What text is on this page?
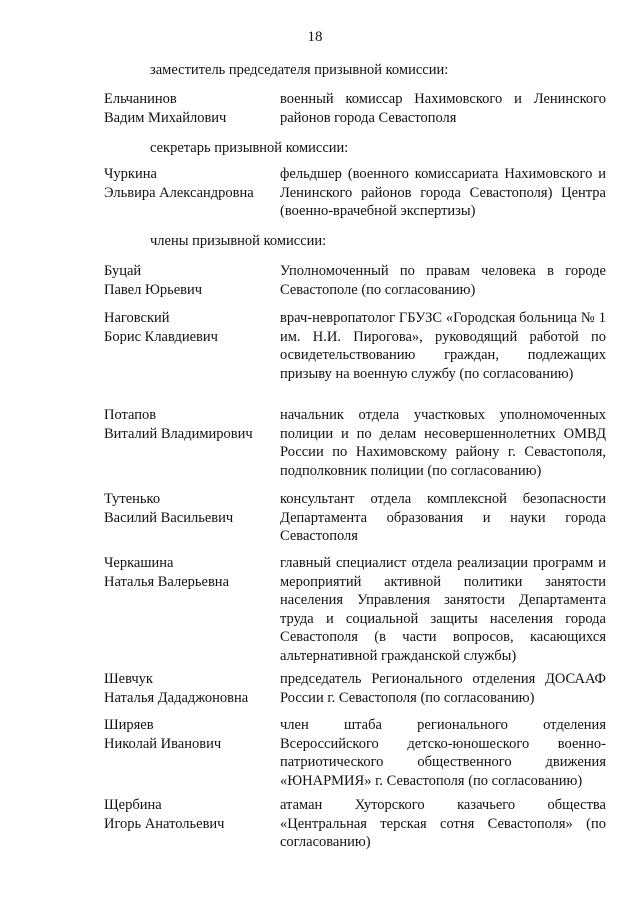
18
заместитель председателя призывной комиссии:
Ельчанинов
Вадим Михайлович
военный комиссар Нахимовского и Ленинского районов города Севастополя
секретарь призывной комиссии:
Чуркина
Эльвира Александровна
фельдшер (военного комиссариата Нахимовского и Ленинского районов города Севастополя) Центра (военно-врачебной экспертизы)
члены призывной комиссии:
Буцай
Павел Юрьевич
Уполномоченный по правам человека в городе Севастополе (по согласованию)
Наговский
Борис Клавдиевич
врач-невропатолог ГБУЗС «Городская больница № 1 им. Н.И. Пирогова», руководящий работой по освидетельствованию граждан, подлежащих призыву на военную службу (по согласованию)
Потапов
Виталий Владимирович
начальник отдела участковых уполномоченных полиции и по делам несовершеннолетних ОМВД России по Нахимовскому району г. Севастополя, подполковник полиции (по согласованию)
Тутенько
Василий Васильевич
консультант отдела комплексной безопасности Департамента образования и науки города Севастополя
Черкашина
Наталья Валерьевна
главный специалист отдела реализации программ и мероприятий активной политики занятости населения Управления занятости Департамента труда и социальной защиты населения города Севастополя (в части вопросов, касающихся альтернативной гражданской службы)
Шевчук
Наталья Дададжоновна
председатель Регионального отделения ДОСААФ России г. Севастополя (по согласованию)
Ширяев
Николай Иванович
член штаба регионального отделения Всероссийского детско-юношеского военно-патриотического общественного движения «ЮНАРМИЯ» г. Севастополя (по согласованию)
Щербина
Игорь Анатольевич
атаман Хуторского казачьего общества «Центральная терская сотня Севастополя» (по согласованию)
